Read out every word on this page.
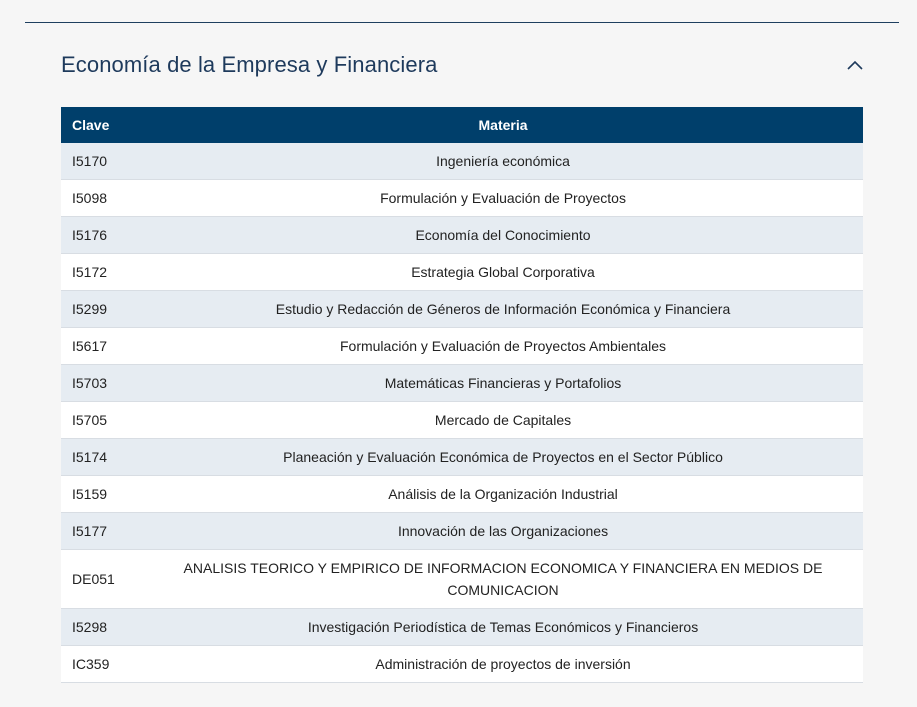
Economía de la Empresa y Financiera
Clave	Materia
I5170	Ingeniería económica
I5098	Formulación y Evaluación de Proyectos
I5176	Economía del Conocimiento
I5172	Estrategia Global Corporativa
I5299	Estudio y Redacción de Géneros de Información Económica y Financiera
I5617	Formulación y Evaluación de Proyectos Ambientales
I5703	Matemáticas Financieras y Portafolios
I5705	Mercado de Capitales
I5174	Planeación y Evaluación Económica de Proyectos en el Sector Público
I5159	Análisis de la Organización Industrial
I5177	Innovación de las Organizaciones
DE051	ANALISIS TEORICO Y EMPIRICO DE INFORMACION ECONOMICA Y FINANCIERA EN MEDIOS DE COMUNICACION
I5298	Investigación Periodística de Temas Económicos y Financieros
IC359	Administración de proyectos de inversión
